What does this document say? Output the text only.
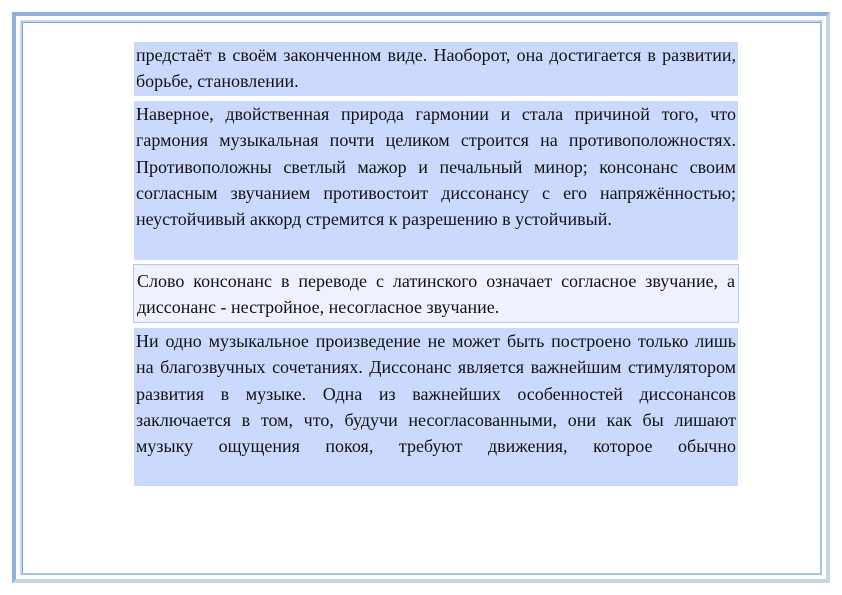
предстаёт в своём законченном виде. Наоборот, она достигается в развитии, борьбе, становлении.

Наверное, двойственная природа гармонии и стала причиной того, что гармония музыкальная почти целиком строится на противоположностях. Противоположны светлый мажор и печальный минор; консонанс своим согласным звучанием противостоит диссонансу с его напряжённостью; неустойчивый аккорд стремится к разрешению в устойчивый.

Слово консонанс в переводе с латинского означает согласное звучание, а диссонанс - нестройное, несогласное звучание.

Ни одно музыкальное произведение не может быть построено только лишь на благозвучных сочетаниях. Диссонанс является важнейшим стимулятором развития в музыке. Одна из важнейших особенностей диссонансов заключается в том, что, будучи несогласованными, они как бы лишают музыку ощущения покоя, требуют движения, которое обычно
